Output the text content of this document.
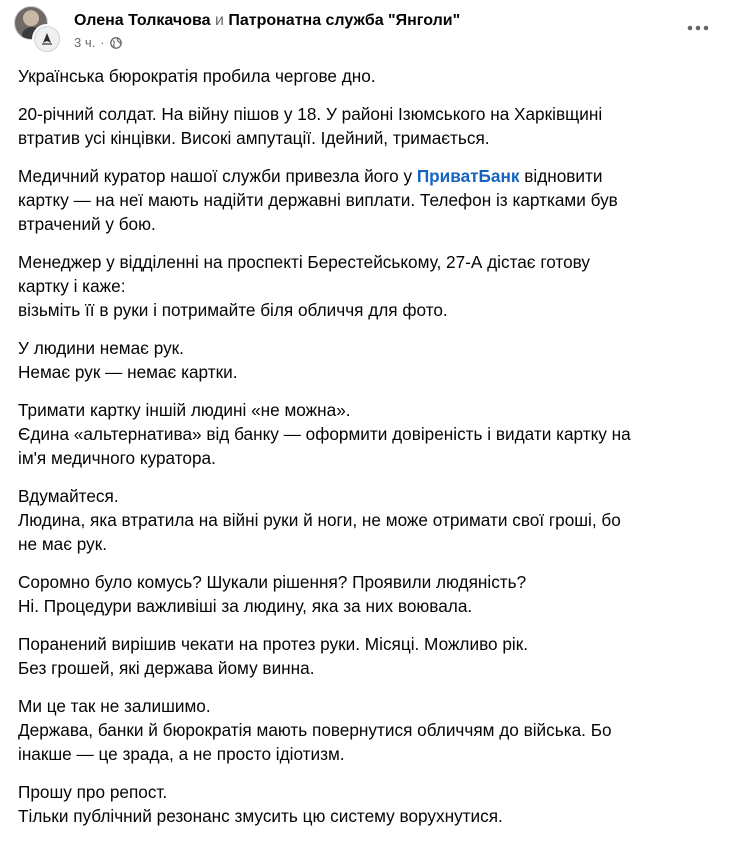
Олена Толкачова и Патронатна служба "Янголи"
3 ч. ·
Українська бюрократія пробила чергове дно.
20-річний солдат. На війну пішов у 18. У районі Ізюмського на Харківщині
втратив усі кінцівки. Високі ампутації. Ідейний, тримається.
Медичний куратор нашої служби привезла його у ПриватБанк відновити
картку — на неї мають надійти державні виплати. Телефон із картками був
втрачений у бою.
Менеджер у відділенні на проспекті Берестейському, 27-А дістає готову
картку і каже:
візьміть її в руки і потримайте біля обличчя для фото.
У людини немає рук.
Немає рук — немає картки.
Тримати картку іншій людині «не можна».
Єдина «альтернатива» від банку — оформити довіреність і видати картку на
ім'я медичного куратора.
Вдумайтеся.
Людина, яка втратила на війні руки й ноги, не може отримати свої гроші, бо
не має рук.
Соромно було комусь? Шукали рішення? Проявили людяність?
Ні. Процедури важливіші за людину, яка за них воювала.
Поранений вирішив чекати на протез руки. Місяці. Можливо рік.
Без грошей, які держава йому винна.
Ми це так не залишимо.
Держава, банки й бюрократія мають повернутися обличчям до війська. Бо
інакше — це зрада, а не просто ідіотизм.
Прошу про репост.
Тільки публічний резонанс змусить цю систему ворухнутися.
